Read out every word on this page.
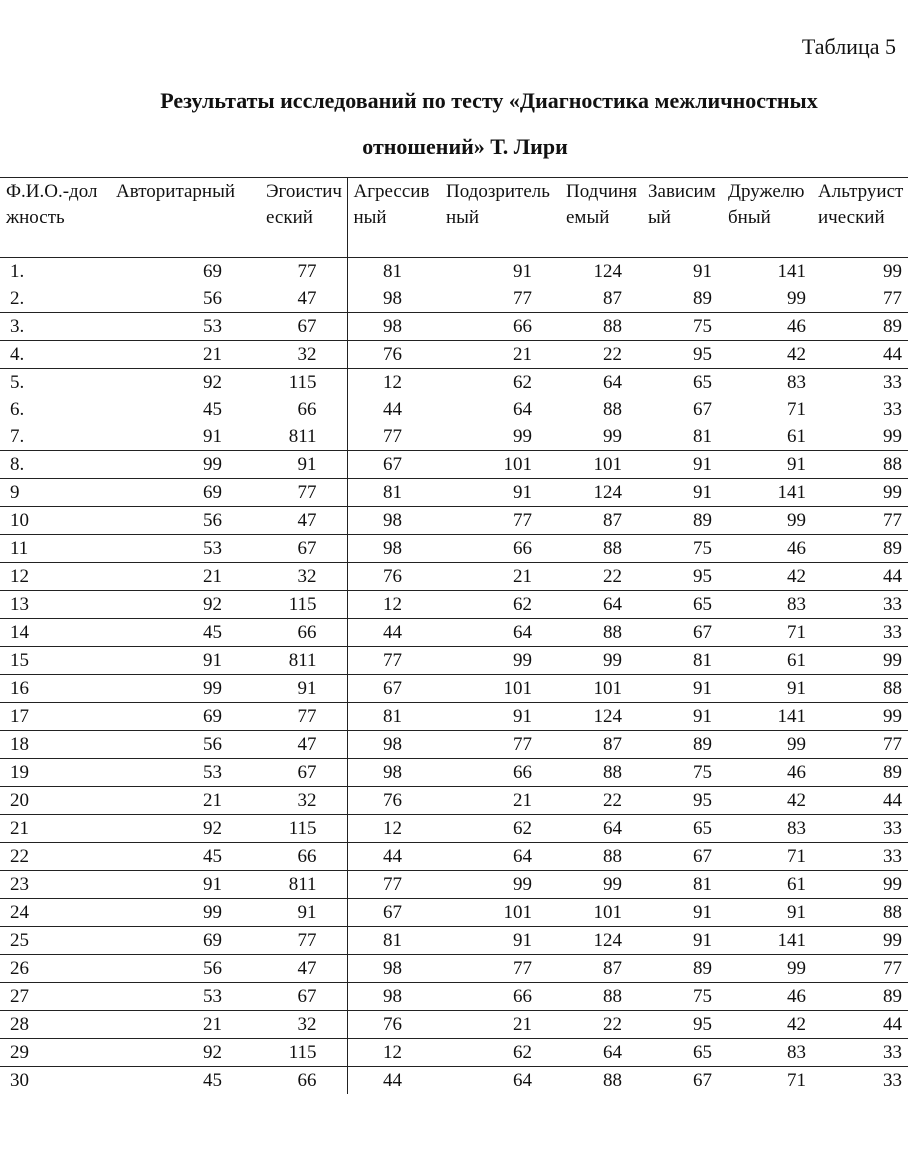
Таблица 5
Результаты исследований по тесту «Диагностика межличностных
отношений» Т. Лири
Ф.И.О.-должность	Авторитарный	Эгоистический	Агрессивный	Подозрительный	Подчиняемый	Зависимый	Дружелюбный	Альтруистический
1.	69	77	81	91	124	91	141	99
2.	56	47	98	77	87	89	99	77
3.	53	67	98	66	88	75	46	89
4.	21	32	76	21	22	95	42	44
5.	92	115	12	62	64	65	83	33
6.	45	66	44	64	88	67	71	33
7.	91	811	77	99	99	81	61	99
8.	99	91	67	101	101	91	91	88
9	69	77	81	91	124	91	141	99
10	56	47	98	77	87	89	99	77
11	53	67	98	66	88	75	46	89
12	21	32	76	21	22	95	42	44
13	92	115	12	62	64	65	83	33
14	45	66	44	64	88	67	71	33
15	91	811	77	99	99	81	61	99
16	99	91	67	101	101	91	91	88
17	69	77	81	91	124	91	141	99
18	56	47	98	77	87	89	99	77
19	53	67	98	66	88	75	46	89
20	21	32	76	21	22	95	42	44
21	92	115	12	62	64	65	83	33
22	45	66	44	64	88	67	71	33
23	91	811	77	99	99	81	61	99
24	99	91	67	101	101	91	91	88
25	69	77	81	91	124	91	141	99
26	56	47	98	77	87	89	99	77
27	53	67	98	66	88	75	46	89
28	21	32	76	21	22	95	42	44
29	92	115	12	62	64	65	83	33
30	45	66	44	64	88	67	71	33
